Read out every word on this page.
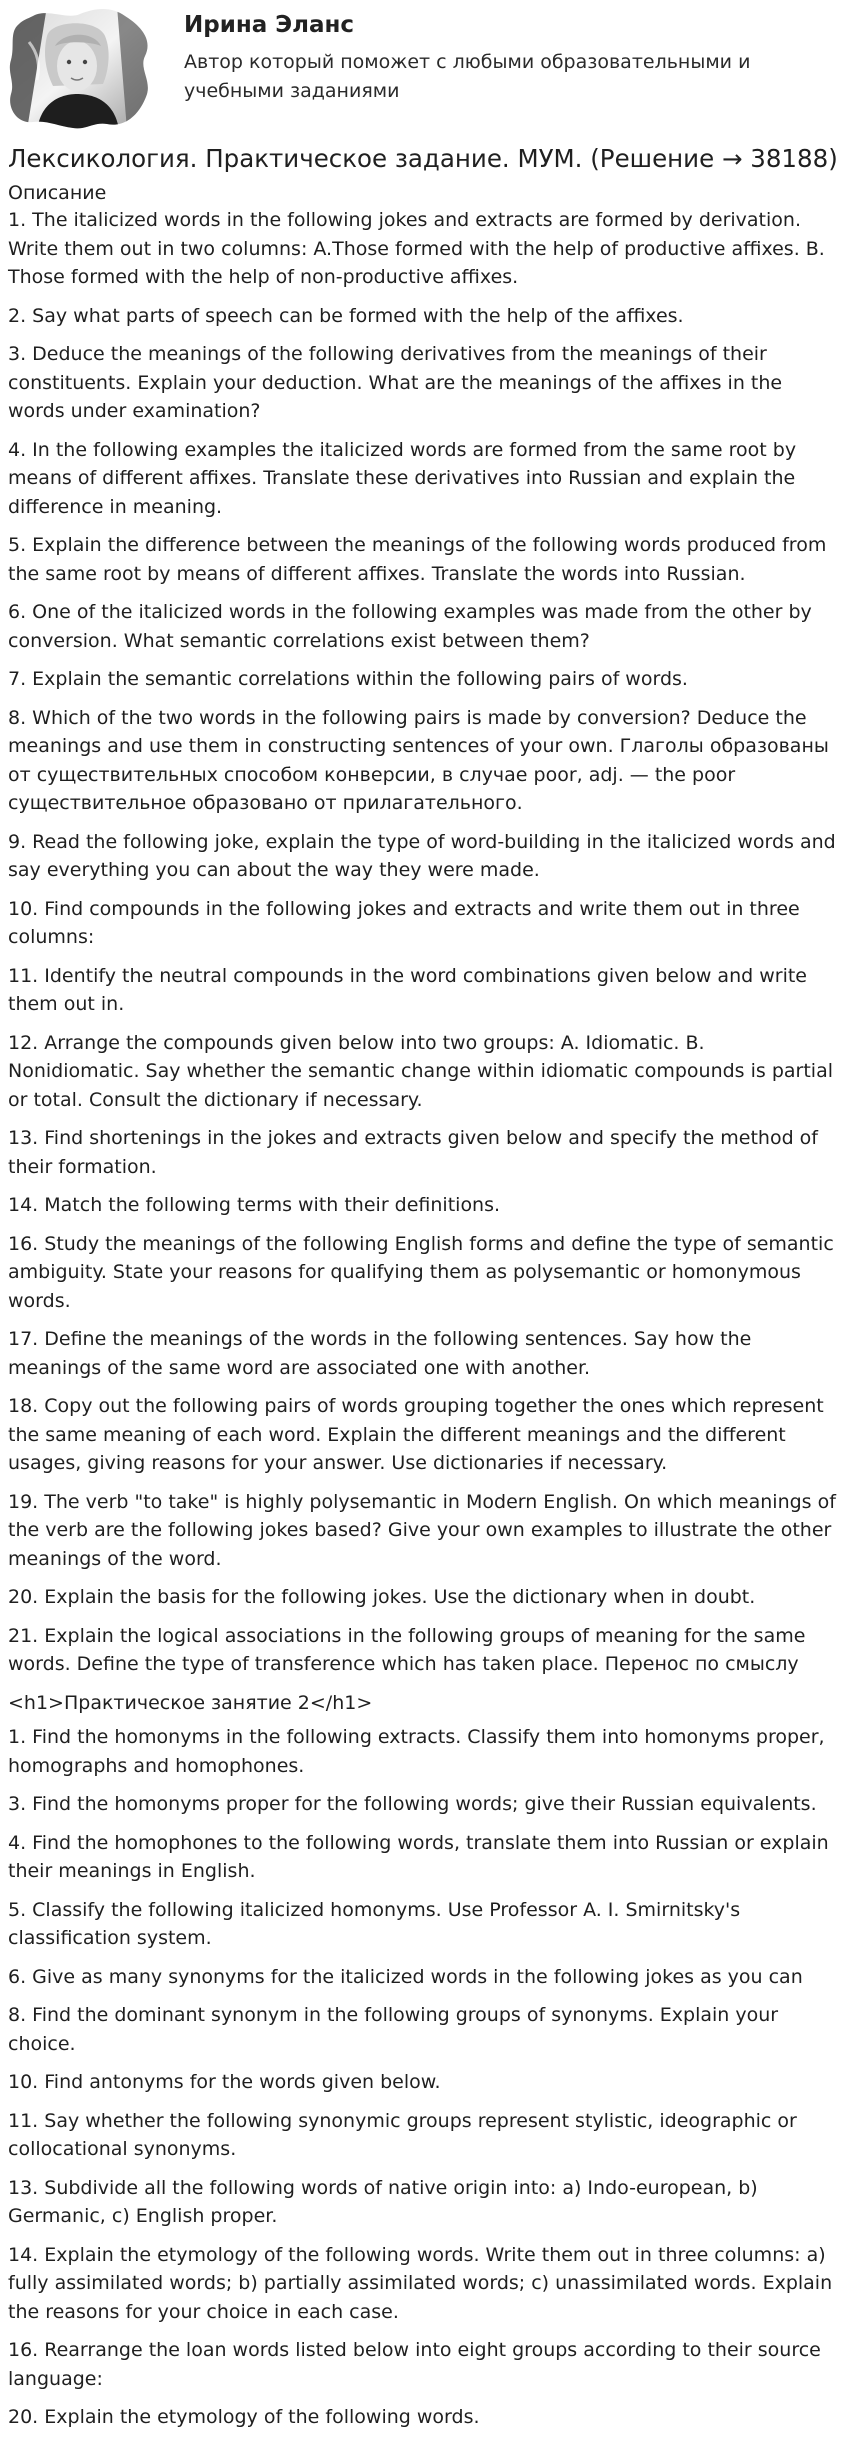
Ирина Эланс
Автор который поможет с любыми образовательными и учебными заданиями
Лексикология. Практическое задание. МУМ. (Решение → 38188)
Описание
1. The italicized words in the following jokes and extracts are formed by derivation. Write them out in two columns: A.Those formed with the help of productive affixes. B. Those formed with the help of non-productive affixes.
2. Say what parts of speech can be formed with the help of the affixes.
3. Deduce the meanings of the following derivatives from the meanings of their constituents. Explain your deduction. What are the meanings of the affixes in the words under examination?
4. In the following examples the italicized words are formed from the same root by means of different affixes. Translate these derivatives into Russian and explain the difference in meaning.
5. Explain the difference between the meanings of the following words produced from the same root by means of different affixes. Translate the words into Russian.
6. One of the italicized words in the following examples was made from the other by conversion. What semantic correlations exist between them?
7. Explain the semantic correlations within the following pairs of words.
8. Which of the two words in the following pairs is made by conversion? Deduce the meanings and use them in constructing sentences of your own. Глаголы образованы от существительных способом конверсии, в случае poor, adj. — the poor существительное образовано от прилагательного.
9. Read the following joke, explain the type of word-building in the italicized words and say everything you can about the way they were made.
10. Find compounds in the following jokes and extracts and write them out in three columns:
11. Identify the neutral compounds in the word combinations given below and write them out in.
12. Arrange the compounds given below into two groups: A. Idiomatic. B. Nonidiomatic. Say whether the semantic change within idiomatic compounds is partial or total. Consult the dictionary if necessary.
13. Find shortenings in the jokes and extracts given below and specify the method of their formation.
14. Match the following terms with their definitions.
16. Study the meanings of the following English forms and define the type of semantic ambiguity. State your reasons for qualifying them as polysemantic or homonymous words.
17. Define the meanings of the words in the following sentences. Say how the meanings of the same word are associated one with another.
18. Copy out the following pairs of words grouping together the ones which represent the same meaning of each word. Explain the different meanings and the different usages, giving reasons for your answer. Use dictionaries if necessary.
19. The verb "to take" is highly polysemantic in Modern English. On which meanings of the verb are the following jokes based? Give your own examples to illustrate the other meanings of the word.
20. Explain the basis for the following jokes. Use the dictionary when in doubt.
21. Explain the logical associations in the following groups of meaning for the same words. Define the type of transference which has taken place. Перенос по смыслу
<h1>Практическое занятие 2</h1>
1. Find the homonyms in the following extracts. Classify them into homonyms proper, homographs and homophones.
3. Find the homonyms proper for the following words; give their Russian equivalents.
4. Find the homophones to the following words, translate them into Russian or explain their meanings in English.
5. Classify the following italicized homonyms. Use Professor A. I. Smirnitsky's classification system.
6. Give as many synonyms for the italicized words in the following jokes as you can
8. Find the dominant synonym in the following groups of synonyms. Explain your choice.
10. Find antonyms for the words given below.
11. Say whether the following synonymic groups represent stylistic, ideographic or collocational synonyms.
13. Subdivide all the following words of native origin into: a) Indo-european, b) Germanic, c) English proper.
14. Explain the etymology of the following words. Write them out in three columns: a) fully assimilated words; b) partially assimilated words; c) unassimilated words. Explain the reasons for your choice in each case.
16. Rearrange the loan words listed below into eight groups according to their source language:
20. Explain the etymology of the following words.
